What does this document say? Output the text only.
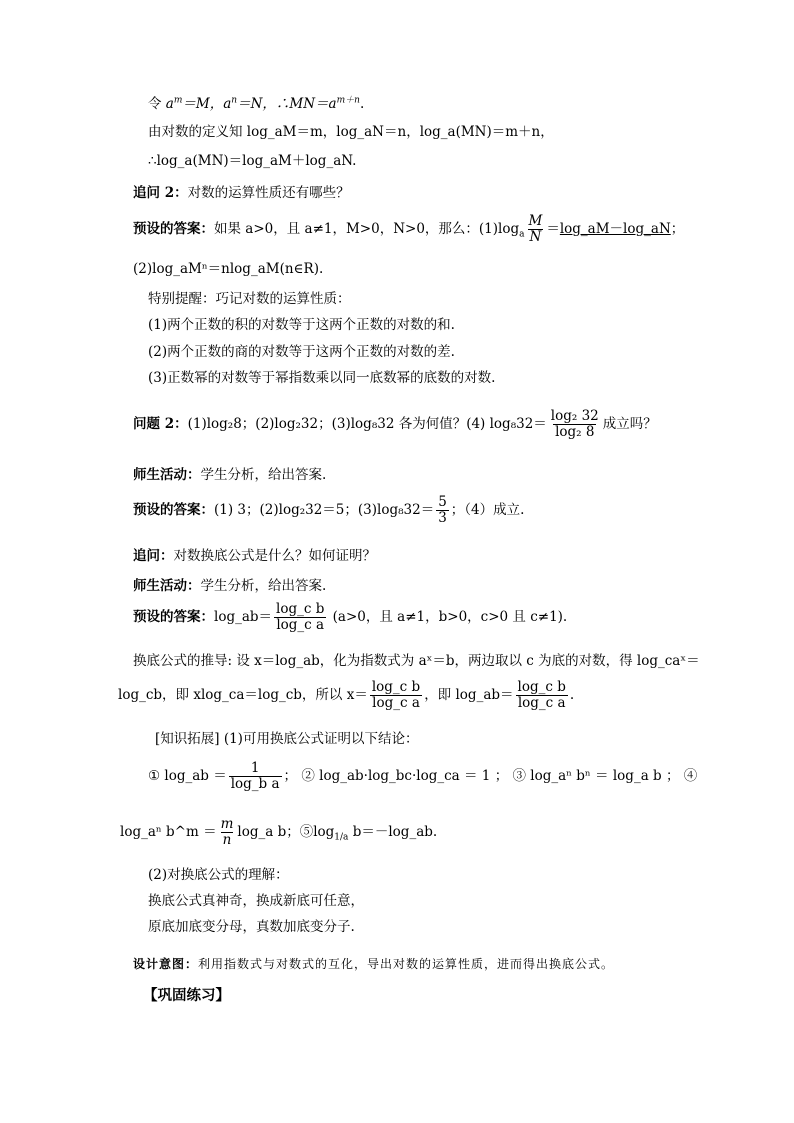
令 $a^m=M$，$a^n=N$，$\therefore MN=a^{m+n}$.
由对数的定义知 log_aM＝m，log_aN＝n，log_a(MN)＝m＋n，
∴log_a(MN)＝log_aM＋log_aN.
追问 2：对数的运算性质还有哪些？
预设的答案：如果 a>0，且 a≠1，M>0，N>0，那么：$(1)\log_a \frac{M}{N}$ ＝log_aM－log_aN；
(2)log_aMⁿ＝nlog_aM(n∈R).
特别提醒：巧记对数的运算性质：
(1)两个正数的积的对数等于这两个正数的对数的和.
(2)两个正数的商的对数等于这两个正数的对数的差.
(3)正数幂的对数等于幂指数乘以同一底数幂的底数的对数.
问题 2：(1)log₂8；(2)log₂32；(3)log₈32 各为何值？(4) $\log_832= \frac{\text{log₂ 32}}{\text{log₂ 8}}$ 成立吗？
师生活动：学生分析，给出答案.
预设的答案：(1) 3；(2)log₂32＝5；$(3)\log_832= \frac{5}{3}$ ；（4）成立.
追问：对数换底公式是什么？如何证明？
师生活动：学生分析，给出答案.
预设的答案：log_ab＝ $\frac{\text{log\_c b}}{\text{log\_c a}} (a>0$，且 a≠1，b>0，c>0 且 c≠1).
换底公式的推导: 设 x＝log_ab，化为指数式为 aˣ＝b，两边取以 c 为底的对数，得 log_caˣ＝
log_cb，即 xlog_ca＝log_cb，所以 $x= \frac{\text{log\_c b}}{\text{log\_c a}}$ ，即 log_ab＝ $\frac{\text{log\_c b}}{\text{log\_c a}}$ .
[知识拓展] (1)可用换底公式证明以下结论：
① log_ab ＝ $\frac{1}{\text{log\_b a}}$ ； ② log_ab·log_bc·log_ca ＝ 1 ； ③ log_aⁿ bⁿ ＝ log_a b ； ④
log_aⁿ b^m ＝ $\frac{m}{n}$ log_a b；$⑤\log_{1/a}$ b＝－log_ab.
(2)对换底公式的理解：
换底公式真神奇，换成新底可任意，
原底加底变分母，真数加底变分子.
设计意图：利用指数式与对数式的互化，导出对数的运算性质，进而得出换底公式。
【巩固练习】
